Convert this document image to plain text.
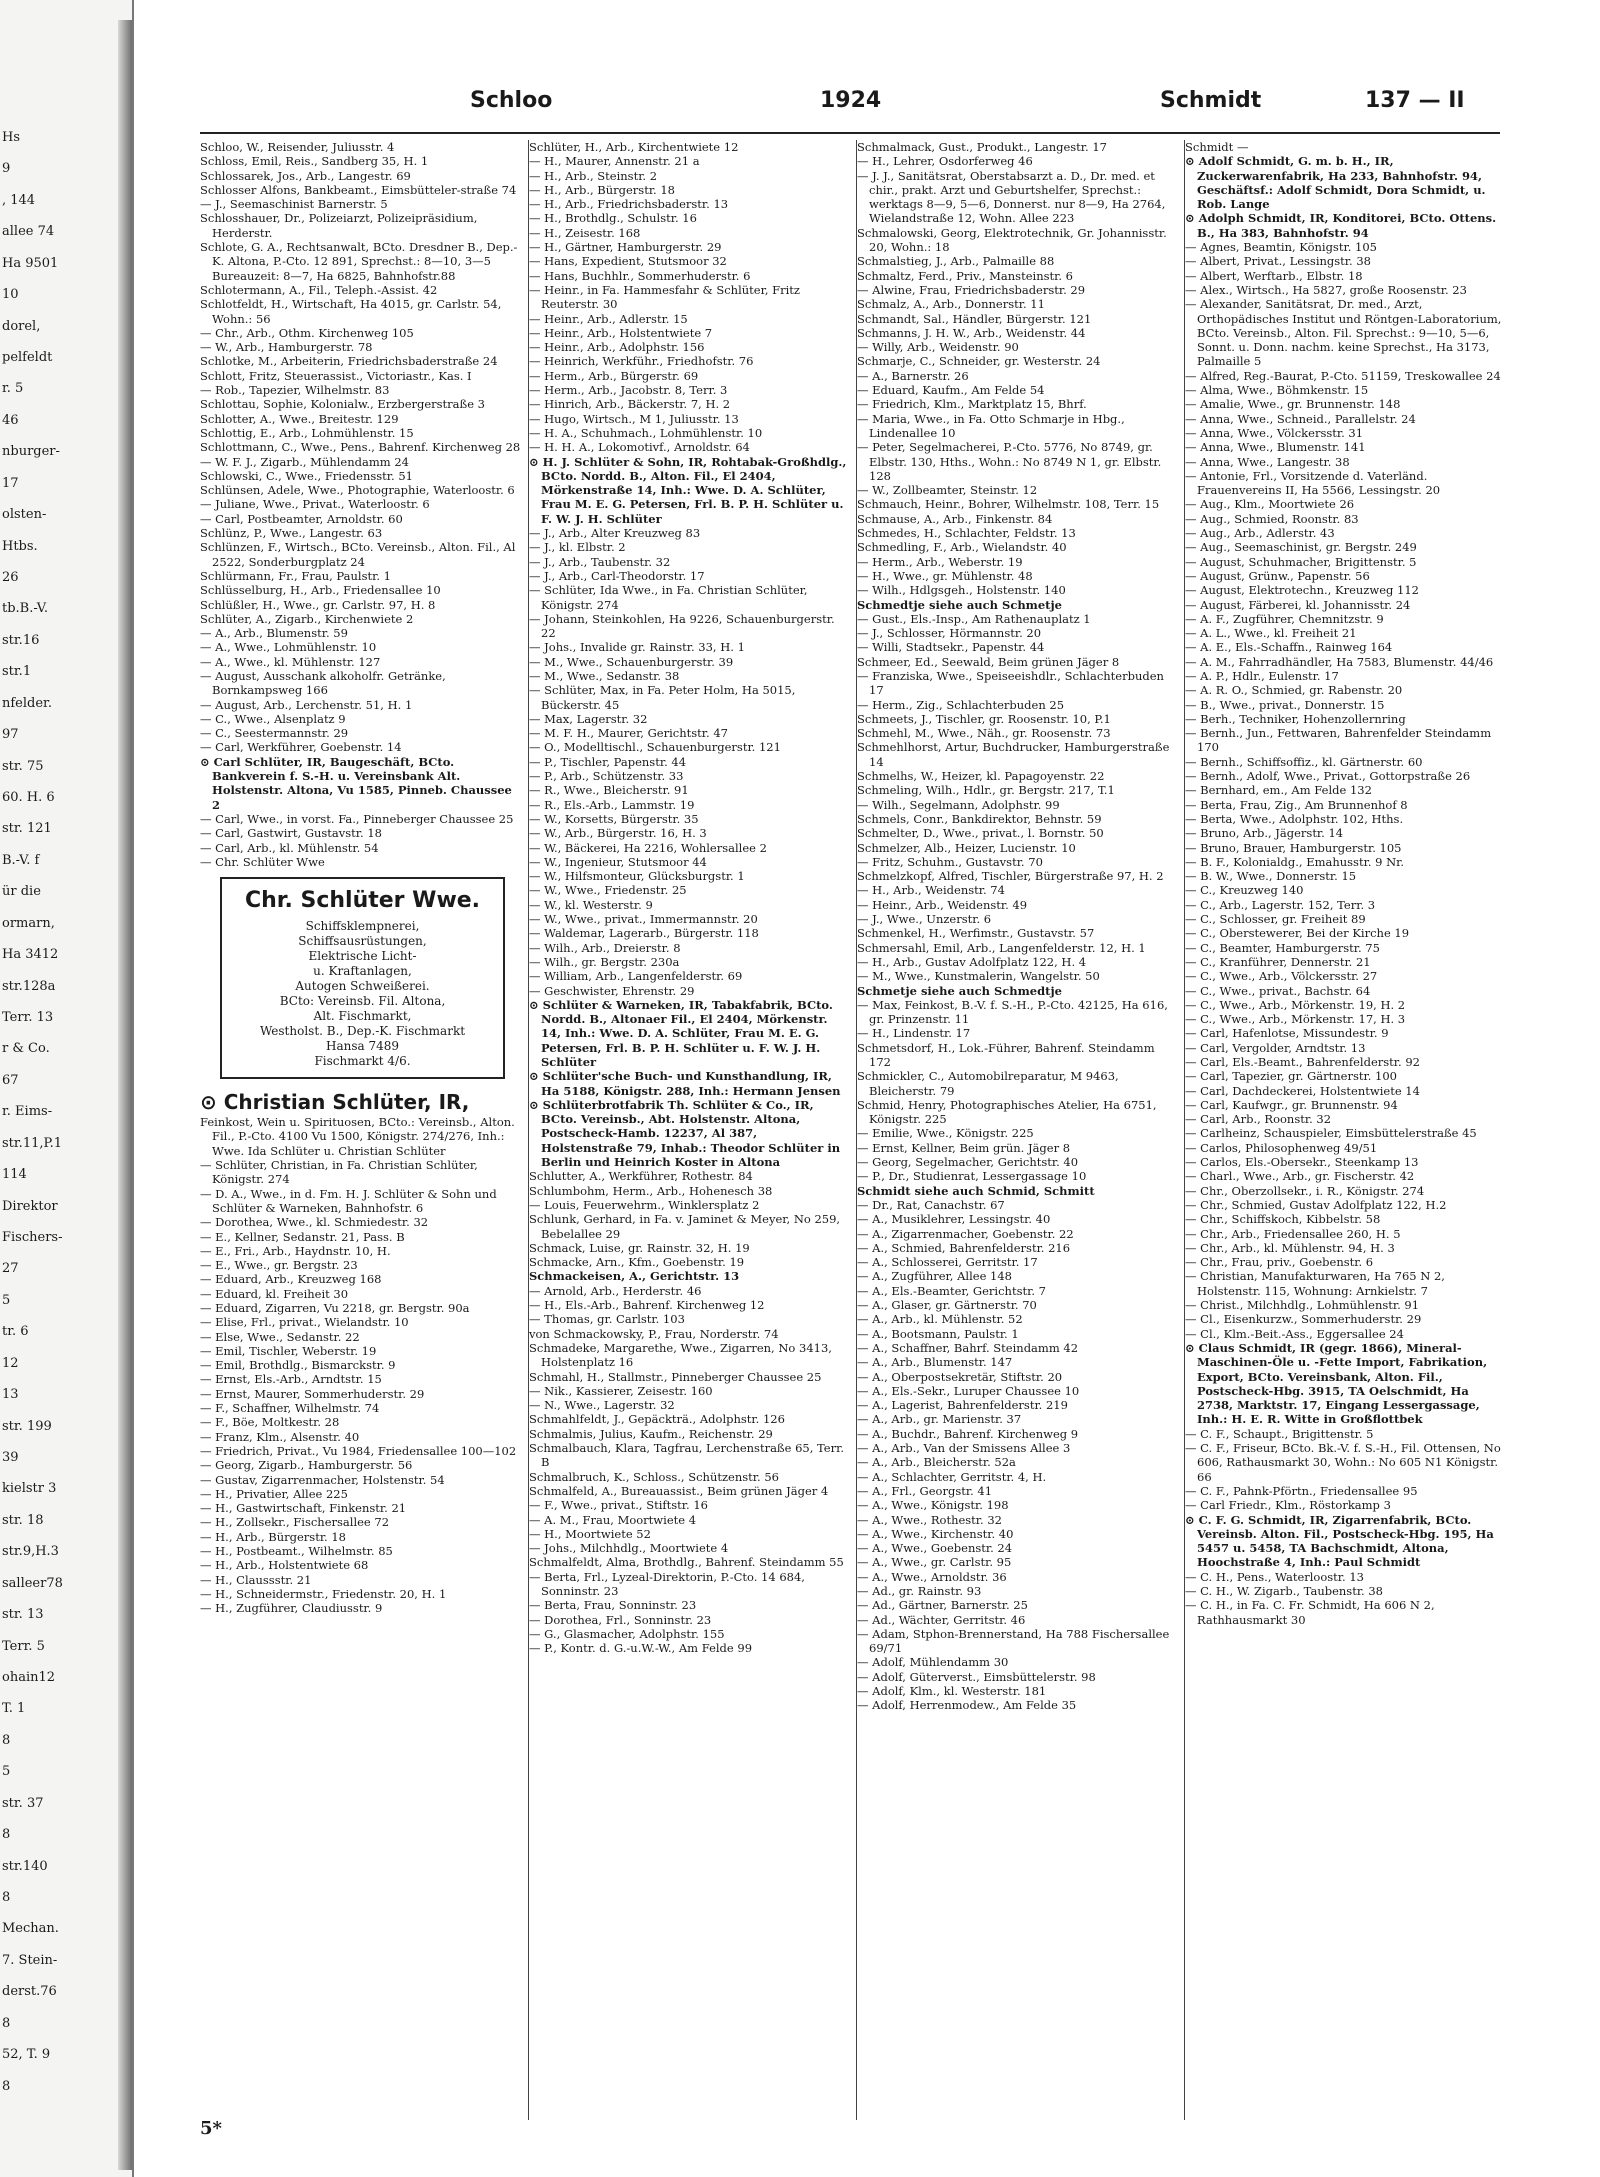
Hs
9
, 144
allee 74
Ha 9501
10
dorel,
pelfeldt
r. 5
46
nburger-
17
olsten-
Htbs.
26
tb.B.-V.
str.16
str.1
nfelder.
97
str. 75
60. H. 6
str. 121
B.-V. f
ür die
ormarn,
Ha 3412
str.128a
Terr. 13
r & Co.
67
r. Eims-
str.11,P.1
114
Direktor
Fischers-
27
5
tr. 6
12
13
str. 199
39
kielstr 3
str. 18
str.9,H.3
salleer78
str. 13
Terr. 5
ohain12
T. 1
8
5
str. 37
8
str.140
8
Mechan.
7. Stein-
derst.76
8
52, T. 9
8
Schloo	1924	Schmidt	137 — II
Schloo, W., Reisender, Juliusstr. 4
Schloss, Emil, Reis., Sandberg 35, H. 1
Schlossarek, Jos., Arb., Langestr. 69
Schlosser Alfons, Bankbeamt., Eimsbütteler-straße 74
— J., Seemaschinist Barnerstr. 5
Schlosshauer, Dr., Polizeiarzt, Polizeipräsidium, Herderstr.
Schlote, G. A., Rechtsanwalt, BCto. Dresdner B., Dep.-K. Altona, P.-Cto. 12 891, Sprechst.: 8—10, 3—5 Bureauzeit: 8—7, Ha 6825, Bahnhofstr.88
Schlotermann, A., Fil., Teleph.-Assist. 42
Schlotfeldt, H., Wirtschaft, Ha 4015, gr. Carlstr. 54, Wohn.: 56
— Chr., Arb., Othm. Kirchenweg 105
— W., Arb., Hamburgerstr. 78
Schlotke, M., Arbeiterin, Friedrichsbaderstraße 24
Schlott, Fritz, Steuerassist., Victoriastr., Kas. I
— Rob., Tapezier, Wilhelmstr. 83
Schlottau, Sophie, Kolonialw., Erzbergerstraße 3
Schlotter, A., Wwe., Breitestr. 129
Schlottig, E., Arb., Lohmühlenstr. 15
Schlottmann, C., Wwe., Pens., Bahrenf. Kirchenweg 28
— W. F. J., Zigarb., Mühlendamm 24
Schlowski, C., Wwe., Friedensstr. 51
Schlünsen, Adele, Wwe., Photographie, Waterloostr. 6
— Juliane, Wwe., Privat., Waterloostr. 6
— Carl, Postbeamter, Arnoldstr. 60
Schlünz, P., Wwe., Langestr. 63
Schlünzen, F., Wirtsch., BCto. Vereinsb., Alton. Fil., Al 2522, Sonderburgplatz 24
Schlürmann, Fr., Frau, Paulstr. 1
Schlüsselburg, H., Arb., Friedensallee 10
Schlüßler, H., Wwe., gr. Carlstr. 97, H. 8
Schlüter, A., Zigarb., Kirchenwiete 2
— A., Arb., Blumenstr. 59
— A., Wwe., Lohmühlenstr. 10
— A., Wwe., kl. Mühlenstr. 127
— August, Ausschank alkoholfr. Getränke, Bornkampsweg 166
— August, Arb., Lerchenstr. 51, H. 1
— C., Wwe., Alsenplatz 9
— C., Seestermannstr. 29
— Carl, Werkführer, Goebenstr. 14
⊙ Carl Schlüter, IR, Baugeschäft, BCto. Bankverein f. S.-H. u. Vereinsbank Alt. Holstenstr. Altona, Vu 1585, Pinneb. Chaussee 2
— Carl, Wwe., in vorst. Fa., Pinneberger Chaussee 25
— Carl, Gastwirt, Gustavstr. 18
— Carl, Arb., kl. Mühlenstr. 54
— Chr. Schlüter Wwe
Chr. Schlüter Wwe.
Schiffsklempnerei,
Schiffsausrüstungen,
Elektrische Licht-
u. Kraftanlagen,
Autogen Schweißerei.
BCto: Vereinsb. Fil. Altona,
Alt. Fischmarkt,
Westholst. B., Dep.-K. Fischmarkt
Hansa 7489
Fischmarkt 4/6.
⊙ Christian Schlüter, IR,
Feinkost, Wein u. Spirituosen, BCto.: Vereinsb., Alton. Fil., P.-Cto. 4100 Vu 1500, Königstr. 274/276, Inh.: Wwe. Ida Schlüter u. Christian Schlüter
— Schlüter, Christian, in Fa. Christian Schlüter, Königstr. 274
— D. A., Wwe., in d. Fm. H. J. Schlüter & Sohn und Schlüter & Warneken, Bahnhofstr. 6
— Dorothea, Wwe., kl. Schmiedestr. 32
— E., Kellner, Sedanstr. 21, Pass. B
— E., Fri., Arb., Haydnstr. 10, H.
— E., Wwe., gr. Bergstr. 23
— Eduard, Arb., Kreuzweg 168
— Eduard, kl. Freiheit 30
— Eduard, Zigarren, Vu 2218, gr. Bergstr. 90a
— Elise, Frl., privat., Wielandstr. 10
— Else, Wwe., Sedanstr. 22
— Emil, Tischler, Weberstr. 19
— Emil, Brothdlg., Bismarckstr. 9
— Ernst, Els.-Arb., Arndtstr. 15
— Ernst, Maurer, Sommerhuderstr. 29
— F., Schaffner, Wilhelmstr. 74
— F., Böe, Moltkestr. 28
— Franz, Klm., Alsenstr. 40
— Friedrich, Privat., Vu 1984, Friedensallee 100—102
— Georg, Zigarb., Hamburgerstr. 56
— Gustav, Zigarrenmacher, Holstenstr. 54
— H., Privatier, Allee 225
— H., Gastwirtschaft, Finkenstr. 21
— H., Zollsekr., Fischersallee 72
— H., Arb., Bürgerstr. 18
— H., Postbeamt., Wilhelmstr. 85
— H., Arb., Holstentwiete 68
— H., Claussstr. 21
— H., Schneidermstr., Friedenstr. 20, H. 1
— H., Zugführer, Claudiusstr. 9
Schlüter, H., Arb., Kirchentwiete 12
— H., Maurer, Annenstr. 21 a
— H., Arb., Steinstr. 2
— H., Arb., Bürgerstr. 18
— H., Arb., Friedrichsbaderstr. 13
— H., Brothdlg., Schulstr. 16
— H., Zeisestr. 168
— H., Gärtner, Hamburgerstr. 29
— Hans, Expedient, Stutsmoor 32
— Hans, Buchhlr., Sommerhuderstr. 6
— Heinr., in Fa. Hammesfahr & Schlüter, Fritz Reuterstr. 30
— Heinr., Arb., Adlerstr. 15
— Heinr., Arb., Holstentwiete 7
— Heinr., Arb., Adolphstr. 156
— Heinrich, Werkführ., Friedhofstr. 76
— Herm., Arb., Bürgerstr. 69
— Herm., Arb., Jacobstr. 8, Terr. 3
— Hinrich, Arb., Bäckerstr. 7, H. 2
— Hugo, Wirtsch., M 1, Juliusstr. 13
— H. A., Schuhmach., Lohmühlenstr. 10
— H. H. A., Lokomotivf., Arnoldstr. 64
⊙ H. J. Schlüter & Sohn, IR, Rohtabak-Großhdlg., BCto. Nordd. B., Alton. Fil., El 2404, Mörkenstraße 14, Inh.: Wwe. D. A. Schlüter, Frau M. E. G. Petersen, Frl. B. P. H. Schlüter u. F. W. J. H. Schlüter
— J., Arb., Alter Kreuzweg 83
— J., kl. Elbstr. 2
— J., Arb., Taubenstr. 32
— J., Arb., Carl-Theodorstr. 17
— Schlüter, Ida Wwe., in Fa. Christian Schlüter, Königstr. 274
— Johann, Steinkohlen, Ha 9226, Schauenburgerstr. 22
— Johs., Invalide gr. Rainstr. 33, H. 1
— M., Wwe., Schauenburgerstr. 39
— M., Wwe., Sedanstr. 38
— Schlüter, Max, in Fa. Peter Holm, Ha 5015, Bückerstr. 45
— Max, Lagerstr. 32
— M. F. H., Maurer, Gerichtstr. 47
— O., Modelltischl., Schauenburgerstr. 121
— P., Tischler, Papenstr. 44
— P., Arb., Schützenstr. 33
— R., Wwe., Bleicherstr. 91
— R., Els.-Arb., Lammstr. 19
— W., Korsetts, Bürgerstr. 35
— W., Arb., Bürgerstr. 16, H. 3
— W., Bäckerei, Ha 2216, Wohlersallee 2
— W., Ingenieur, Stutsmoor 44
— W., Hilfsmonteur, Glücksburgstr. 1
— W., Wwe., Friedenstr. 25
— W., kl. Westerstr. 9
— W., Wwe., privat., Immermannstr. 20
— Waldemar, Lagerarb., Bürgerstr. 118
— Wilh., Arb., Dreierstr. 8
— Wilh., gr. Bergstr. 230a
— William, Arb., Langenfelderstr. 69
— Geschwister, Ehrenstr. 29
⊙ Schlüter & Warneken, IR, Tabakfabrik, BCto. Nordd. B., Altonaer Fil., El 2404, Mörkenstr. 14, Inh.: Wwe. D. A. Schlüter, Frau M. E. G. Petersen, Frl. B. P. H. Schlüter u. F. W. J. H. Schlüter
⊙ Schlüter'sche Buch- und Kunsthandlung, IR, Ha 5188, Königstr. 288, Inh.: Hermann Jensen
⊙ Schlüterbrotfabrik Th. Schlüter & Co., IR, BCto. Vereinsb., Abt. Holstenstr. Altona, Postscheck-Hamb. 12237, Al 387, Holstenstraße 79, Inhab.: Theodor Schlüter in Berlin und Heinrich Koster in Altona
Schlutter, A., Werkführer, Rothestr. 84
Schlumbohm, Herm., Arb., Hohenesch 38
— Louis, Feuerwehrm., Winklersplatz 2
Schlunk, Gerhard, in Fa. v. Jaminet & Meyer, No 259, Bebelallee 29
Schmack, Luise, gr. Rainstr. 32, H. 19
Schmacke, Arn., Kfm., Goebenstr. 19
Schmackeisen, A., Gerichtstr. 13
— Arnold, Arb., Herderstr. 46
— H., Els.-Arb., Bahrenf. Kirchenweg 12
— Thomas, gr. Carlstr. 103
von Schmackowsky, P., Frau, Norderstr. 74
Schmadeke, Margarethe, Wwe., Zigarren, No 3413, Holstenplatz 16
Schmahl, H., Stallmstr., Pinneberger Chaussee 25
— Nik., Kassierer, Zeisestr. 160
— N., Wwe., Lagerstr. 32
Schmahlfeldt, J., Gepäckträ., Adolphstr. 126
Schmalmis, Julius, Kaufm., Reichenstr. 29
Schmalbauch, Klara, Tagfrau, Lerchenstraße 65, Terr. B
Schmalbruch, K., Schloss., Schützenstr. 56
Schmalfeld, A., Bureauassist., Beim grünen Jäger 4
— F., Wwe., privat., Stiftstr. 16
— A. M., Frau, Moortwiete 4
— H., Moortwiete 52
— Johs., Milchhdlg., Moortwiete 4
Schmalfeldt, Alma, Brothdlg., Bahrenf. Steindamm 55
— Berta, Frl., Lyzeal-Direktorin, P.-Cto. 14 684, Sonninstr. 23
— Berta, Frau, Sonninstr. 23
— Dorothea, Frl., Sonninstr. 23
— G., Glasmacher, Adolphstr. 155
— P., Kontr. d. G.-u.W.-W., Am Felde 99
Schmalmack, Gust., Produkt., Langestr. 17
— H., Lehrer, Osdorferweg 46
— J. J., Sanitätsrat, Oberstabsarzt a. D., Dr. med. et chir., prakt. Arzt und Geburtshelfer, Sprechst.: werktags 8—9, 5—6, Donnerst. nur 8—9, Ha 2764, Wielandstraße 12, Wohn. Allee 223
Schmalowski, Georg, Elektrotechnik, Gr. Johannisstr. 20, Wohn.: 18
Schmalstieg, J., Arb., Palmaille 88
Schmaltz, Ferd., Priv., Mansteinstr. 6
— Alwine, Frau, Friedrichsbaderstr. 29
Schmalz, A., Arb., Donnerstr. 11
Schmandt, Sal., Händler, Bürgerstr. 121
Schmanns, J. H. W., Arb., Weidenstr. 44
— Willy, Arb., Weidenstr. 90
Schmarje, C., Schneider, gr. Westerstr. 24
— A., Barnerstr. 26
— Eduard, Kaufm., Am Felde 54
— Friedrich, Klm., Marktplatz 15, Bhrf.
— Maria, Wwe., in Fa. Otto Schmarje in Hbg., Lindenallee 10
— Peter, Segelmacherei, P.-Cto. 5776, No 8749, gr. Elbstr. 130, Hths., Wohn.: No 8749 N 1, gr. Elbstr. 128
— W., Zollbeamter, Steinstr. 12
Schmauch, Heinr., Bohrer, Wilhelmstr. 108, Terr. 15
Schmause, A., Arb., Finkenstr. 84
Schmedes, H., Schlachter, Feldstr. 13
Schmedling, F., Arb., Wielandstr. 40
— Herm., Arb., Weberstr. 19
— H., Wwe., gr. Mühlenstr. 48
— Wilh., Hdlgsgeh., Holstenstr. 140
Schmedtje siehe auch Schmetje
— Gust., Els.-Insp., Am Rathenauplatz 1
— J., Schlosser, Hörmannstr. 20
— Willi, Stadtsekr., Papenstr. 44
Schmeer, Ed., Seewald, Beim grünen Jäger 8
— Franziska, Wwe., Speiseeishdlr., Schlachterbuden 17
— Herm., Zig., Schlachterbuden 25
Schmeets, J., Tischler, gr. Roosenstr. 10, P.1
Schmehl, M., Wwe., Näh., gr. Roosenstr. 73
Schmehlhorst, Artur, Buchdrucker, Hamburgerstraße 14
Schmelhs, W., Heizer, kl. Papagoyenstr. 22
Schmeling, Wilh., Hdlr., gr. Bergstr. 217, T.1
— Wilh., Segelmann, Adolphstr. 99
Schmels, Conr., Bankdirektor, Behnstr. 59
Schmelter, D., Wwe., privat., l. Bornstr. 50
Schmelzer, Alb., Heizer, Lucienstr. 10
— Fritz, Schuhm., Gustavstr. 70
Schmelzkopf, Alfred, Tischler, Bürgerstraße 97, H. 2
— H., Arb., Weidenstr. 74
— Heinr., Arb., Weidenstr. 49
— J., Wwe., Unzerstr. 6
Schmenkel, H., Werfimstr., Gustavstr. 57
Schmersahl, Emil, Arb., Langenfelderstr. 12, H. 1
— H., Arb., Gustav Adolfplatz 122, H. 4
— M., Wwe., Kunstmalerin, Wangelstr. 50
Schmetje siehe auch Schmedtje
— Max, Feinkost, B.-V. f. S.-H., P.-Cto. 42125, Ha 616, gr. Prinzenstr. 11
— H., Lindenstr. 17
Schmetsdorf, H., Lok.-Führer, Bahrenf. Steindamm 172
Schmickler, C., Automobilreparatur, M 9463, Bleicherstr. 79
Schmid, Henry, Photographisches Atelier, Ha 6751, Königstr. 225
— Emilie, Wwe., Königstr. 225
— Ernst, Kellner, Beim grün. Jäger 8
— Georg, Segelmacher, Gerichtstr. 40
— P., Dr., Studienrat, Lessergassage 10
Schmidt siehe auch Schmid, Schmitt
— Dr., Rat, Canachstr. 67
— A., Musiklehrer, Lessingstr. 40
— A., Zigarrenmacher, Goebenstr. 22
— A., Schmied, Bahrenfelderstr. 216
— A., Schlosserei, Gerritstr. 17
— A., Zugführer, Allee 148
— A., Els.-Beamter, Gerichtstr. 7
— A., Glaser, gr. Gärtnerstr. 70
— A., Arb., kl. Mühlenstr. 52
— A., Bootsmann, Paulstr. 1
— A., Schaffner, Bahrf. Steindamm 42
— A., Arb., Blumenstr. 147
— A., Oberpostsekretär, Stiftstr. 20
— A., Els.-Sekr., Luruper Chaussee 10
— A., Lagerist, Bahrenfelderstr. 219
— A., Arb., gr. Marienstr. 37
— A., Buchdr., Bahrenf. Kirchenweg 9
— A., Arb., Van der Smissens Allee 3
— A., Arb., Bleicherstr. 52a
— A., Schlachter, Gerritstr. 4, H.
— A., Frl., Georgstr. 41
— A., Wwe., Königstr. 198
— A., Wwe., Rothestr. 32
— A., Wwe., Kirchenstr. 40
— A., Wwe., Goebenstr. 24
— A., Wwe., gr. Carlstr. 95
— A., Wwe., Arnoldstr. 36
— Ad., gr. Rainstr. 93
— Ad., Gärtner, Barnerstr. 25
— Ad., Wächter, Gerritstr. 46
— Adam, Stphon-Brennerstand, Ha 788 Fischersallee 69/71
— Adolf, Mühlendamm 30
— Adolf, Güterverst., Eimsbüttelerstr. 98
— Adolf, Klm., kl. Westerstr. 181
— Adolf, Herrenmodew., Am Felde 35
Schmidt —
⊙ Adolf Schmidt, G. m. b. H., IR, Zuckerwarenfabrik, Ha 233, Bahnhofstr. 94, Geschäftsf.: Adolf Schmidt, Dora Schmidt, u. Rob. Lange
⊙ Adolph Schmidt, IR, Konditorei, BCto. Ottens. B., Ha 383, Bahnhofstr. 94
— Agnes, Beamtin, Königstr. 105
— Albert, Privat., Lessingstr. 38
— Albert, Werftarb., Elbstr. 18
— Alex., Wirtsch., Ha 5827, große Roosenstr. 23
— Alexander, Sanitätsrat, Dr. med., Arzt, Orthopädisches Institut und Röntgen-Laboratorium, BCto. Vereinsb., Alton. Fil. Sprechst.: 9—10, 5—6, Sonnt. u. Donn. nachm. keine Sprechst., Ha 3173, Palmaille 5
— Alfred, Reg.-Baurat, P.-Cto. 51159, Treskowallee 24
— Alma, Wwe., Böhmkenstr. 15
— Amalie, Wwe., gr. Brunnenstr. 148
— Anna, Wwe., Schneid., Parallelstr. 24
— Anna, Wwe., Völckersstr. 31
— Anna, Wwe., Blumenstr. 141
— Anna, Wwe., Langestr. 38
— Antonie, Frl., Vorsitzende d. Vaterländ. Frauenvereins II, Ha 5566, Lessingstr. 20
— Aug., Klm., Moortwiete 26
— Aug., Schmied, Roonstr. 83
— Aug., Arb., Adlerstr. 43
— Aug., Seemaschinist, gr. Bergstr. 249
— August, Schuhmacher, Brigittenstr. 5
— August, Grünw., Papenstr. 56
— August, Elektrotechn., Kreuzweg 112
— August, Färberei, kl. Johannisstr. 24
— A. F., Zugführer, Chemnitzstr. 9
— A. L., Wwe., kl. Freiheit 21
— A. E., Els.-Schaffn., Rainweg 164
— A. M., Fahrradhändler, Ha 7583, Blumenstr. 44/46
— A. P., Hdlr., Eulenstr. 17
— A. R. O., Schmied, gr. Rabenstr. 20
— B., Wwe., privat., Donnerstr. 15
— Berh., Techniker, Hohenzollernring
— Bernh., Jun., Fettwaren, Bahrenfelder Steindamm 170
— Bernh., Schiffsoffiz., kl. Gärtnerstr. 60
— Bernh., Adolf, Wwe., Privat., Gottorpstraße 26
— Bernhard, em., Am Felde 132
— Berta, Frau, Zig., Am Brunnenhof 8
— Berta, Wwe., Adolphstr. 102, Hths.
— Bruno, Arb., Jägerstr. 14
— Bruno, Brauer, Hamburgerstr. 105
— B. F., Kolonialdg., Emahusstr. 9 Nr.
— B. W., Wwe., Donnerstr. 15
— C., Kreuzweg 140
— C., Arb., Lagerstr. 152, Terr. 3
— C., Schlosser, gr. Freiheit 89
— C., Oberstewerer, Bei der Kirche 19
— C., Beamter, Hamburgerstr. 75
— C., Kranführer, Dennerstr. 21
— C., Wwe., Arb., Völckersstr. 27
— C., Wwe., privat., Bachstr. 64
— C., Wwe., Arb., Mörkenstr. 19, H. 2
— C., Wwe., Arb., Mörkenstr. 17, H. 3
— Carl, Hafenlotse, Missundestr. 9
— Carl, Vergolder, Arndtstr. 13
— Carl, Els.-Beamt., Bahrenfelderstr. 92
— Carl, Tapezier, gr. Gärtnerstr. 100
— Carl, Dachdeckerei, Holstentwiete 14
— Carl, Kaufwgr., gr. Brunnenstr. 94
— Carl, Arb., Roonstr. 32
— Carlheinz, Schauspieler, Eimsbüttelerstraße 45
— Carlos, Philosophenweg 49/51
— Carlos, Els.-Obersekr., Steenkamp 13
— Charl., Wwe., Arb., gr. Fischerstr. 42
— Chr., Oberzollsekr., i. R., Königstr. 274
— Chr., Schmied, Gustav Adolfplatz 122, H.2
— Chr., Schiffskoch, Kibbelstr. 58
— Chr., Arb., Friedensallee 260, H. 5
— Chr., Arb., kl. Mühlenstr. 94, H. 3
— Chr., Frau, priv., Goebenstr. 6
— Christian, Manufakturwaren, Ha 765 N 2, Holstenstr. 115, Wohnung: Arnkielstr. 7
— Christ., Milchhdlg., Lohmühlenstr. 91
— Cl., Eisenkurzw., Sommerhuderstr. 29
— Cl., Klm.-Beit.-Ass., Eggersallee 24
⊙ Claus Schmidt, IR (gegr. 1866), Mineral-Maschinen-Öle u. -Fette Import, Fabrikation, Export, BCto. Vereinsbank, Alton. Fil., Postscheck-Hbg. 3915, TA Oelschmidt, Ha 2738, Marktstr. 17, Eingang Lessergassage, Inh.: H. E. R. Witte in Großflottbek
— C. F., Schaupt., Brigittenstr. 5
— C. F., Friseur, BCto. Bk.-V. f. S.-H., Fil. Ottensen, No 606, Rathausmarkt 30, Wohn.: No 605 N1 Königstr. 66
— C. F., Pahnk-Pförtn., Friedensallee 95
— Carl Friedr., Klm., Röstorkamp 3
⊙ C. F. G. Schmidt, IR, Zigarrenfabrik, BCto. Vereinsb. Alton. Fil., Postscheck-Hbg. 195, Ha 5457 u. 5458, TA Bachschmidt, Altona, Hoochstraße 4, Inh.: Paul Schmidt
— C. H., Pens., Waterloostr. 13
— C. H., W. Zigarb., Taubenstr. 38
— C. H., in Fa. C. Fr. Schmidt, Ha 606 N 2, Rathhausmarkt 30
5*
